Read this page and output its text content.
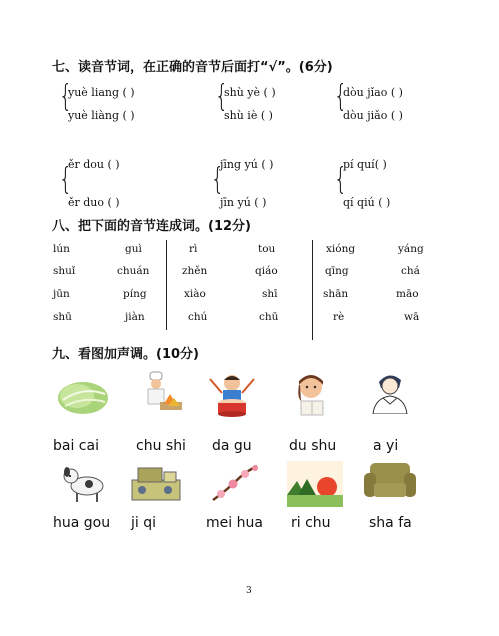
七、读音节词，在正确的音节后面打“√”。(6分)
{
yuè liang ( )
yuè liàng ( )
{
shù yè ( )
shù iè ( )
{
dòu jǐao ( )
dòu jiǎo ( )
{
ěr dou ( )
ěr duo ( )
{
jīng yú ( )
jīn yú ( )
{
pí quí( )
qí qiú ( )
八、把下面的音节连成词。(12分)
lún	guì	rì	tou	xióng	yáng
shuǐ	chuán	zhěn	qiáo	qīng	chá
jūn	píng	xiào	shī	shān	māo
shū	jiàn	chú	chū	rè	wā
九、看图加声调。(10分)
bai cai	chu shi da gu	du shu	a yi
hua gou ji qi	mei hua ri chu	sha fa
3
